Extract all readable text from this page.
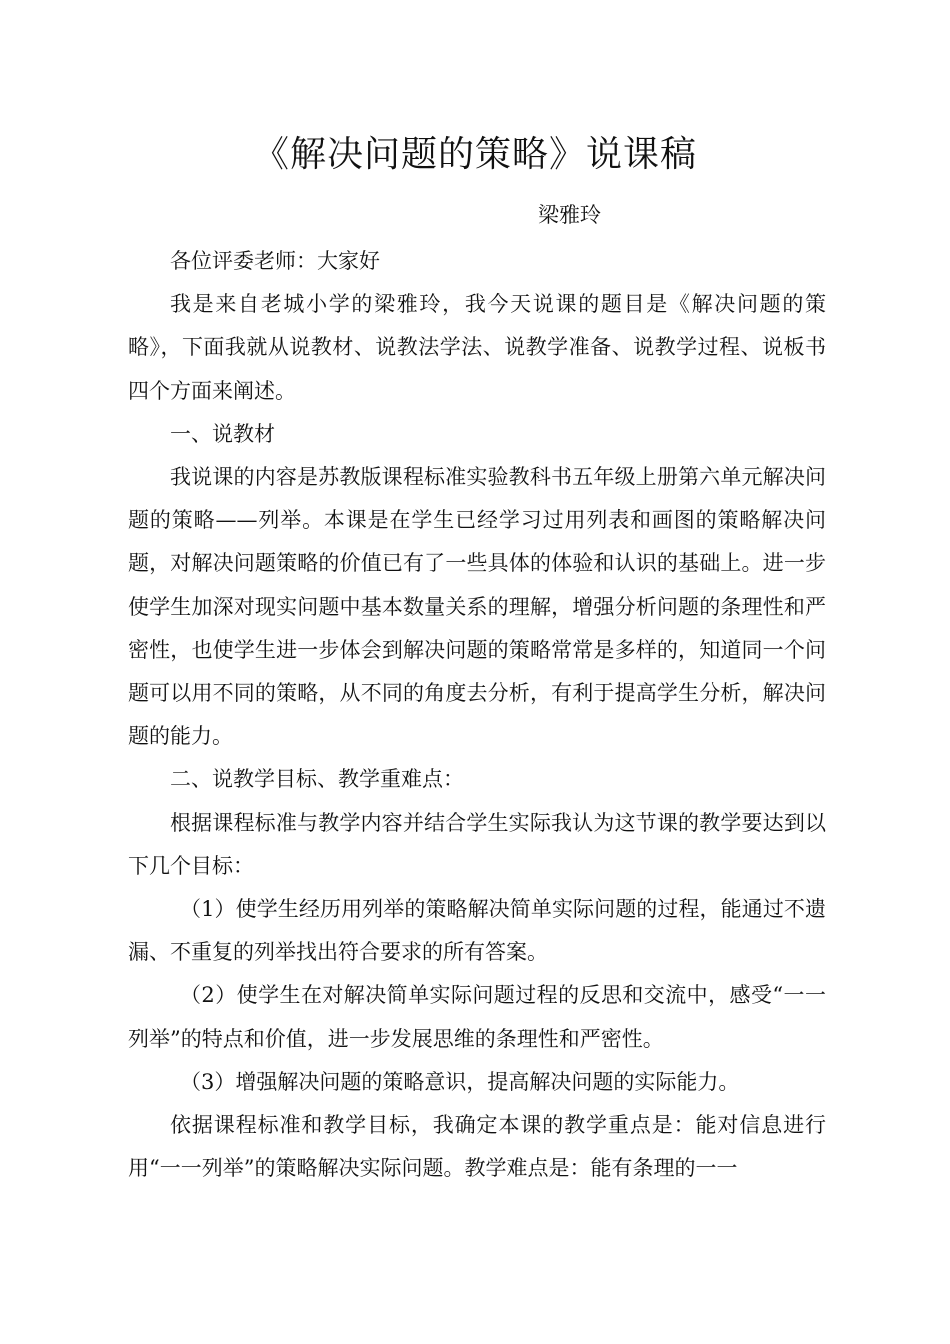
《解决问题的策略》说课稿
梁雅玲

各位评委老师：大家好

我是来自老城小学的梁雅玲，我今天说课的题目是《解决问题的策略》，下面我就从说教材、说教法学法、说教学准备、说教学过程、说板书四个方面来阐述。

一、说教材

我说课的内容是苏教版课程标准实验教科书五年级上册第六单元解决问题的策略——列举。本课是在学生已经学习过用列表和画图的策略解决问题，对解决问题策略的价值已有了一些具体的体验和认识的基础上。进一步使学生加深对现实问题中基本数量关系的理解，增强分析问题的条理性和严密性，也使学生进一步体会到解决问题的策略常常是多样的，知道同一个问题可以用不同的策略，从不同的角度去分析，有利于提高学生分析，解决问题的能力。

二、说教学目标、教学重难点：

根据课程标准与教学内容并结合学生实际我认为这节课的教学要达到以下几个目标：

（1）使学生经历用列举的策略解决简单实际问题的过程，能通过不遗漏、不重复的列举找出符合要求的所有答案。

（2）使学生在对解决简单实际问题过程的反思和交流中，感受“一一列举”的特点和价值，进一步发展思维的条理性和严密性。

（3）增强解决问题的策略意识，提高解决问题的实际能力。

依据课程标准和教学目标，我确定本课的教学重点是：能对信息进行用“一一列举”的策略解决实际问题。教学难点是：能有条理的一一
